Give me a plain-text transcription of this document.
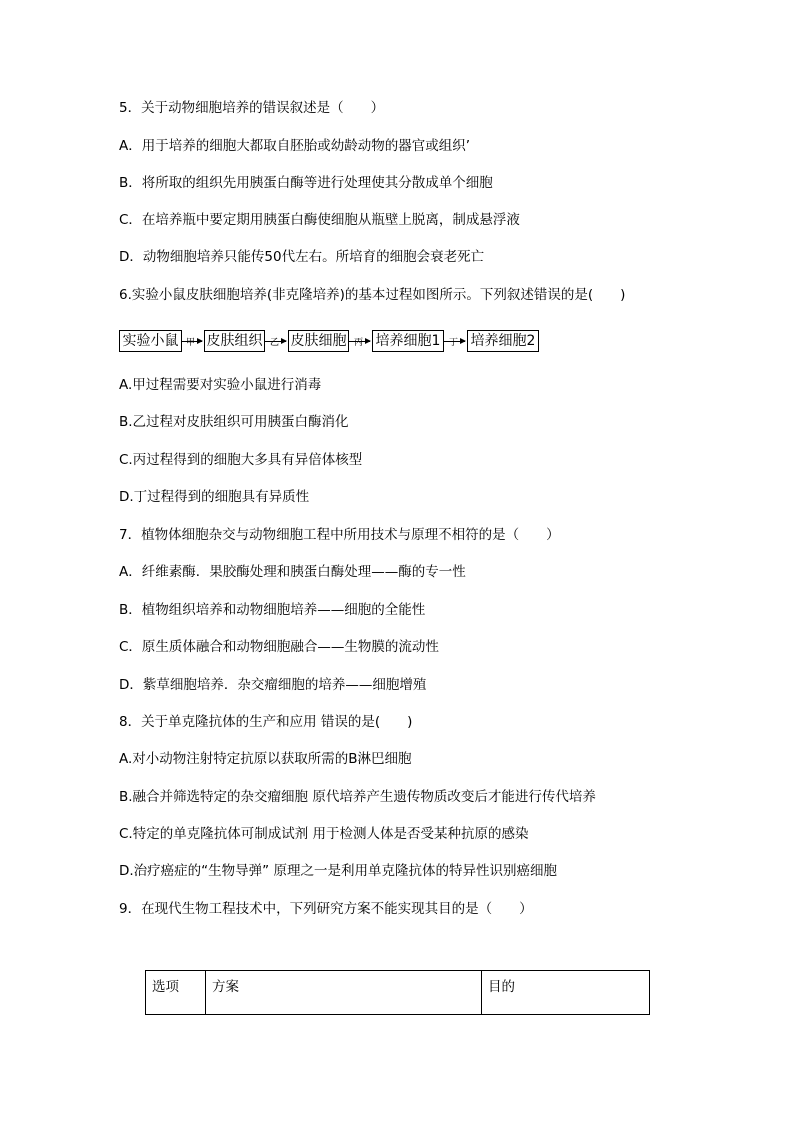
5．关于动物细胞培养的错误叙述是（　　）
A．用于培养的细胞大都取自胚胎或幼龄动物的器官或组织’
B．将所取的组织先用胰蛋白酶等进行处理使其分散成单个细胞
C．在培养瓶中要定期用胰蛋白酶使细胞从瓶壁上脱离，制成悬浮液
D．动物细胞培养只能传50代左右。所培育的细胞会衰老死亡
6.实验小鼠皮肤细胞培养(非克隆培养)的基本过程如图所示。下列叙述错误的是(　　)
实验小鼠 甲 皮肤组织 乙 皮肤细胞 丙 培养细胞1 丁 培养细胞2
A.甲过程需要对实验小鼠进行消毒
B.乙过程对皮肤组织可用胰蛋白酶消化
C.丙过程得到的细胞大多具有异倍体核型
D.丁过程得到的细胞具有异质性
7．植物体细胞杂交与动物细胞工程中所用技术与原理不相符的是（　　）
A．纤维素酶．果胶酶处理和胰蛋白酶处理——酶的专一性
B．植物组织培养和动物细胞培养——细胞的全能性
C．原生质体融合和动物细胞融合——生物膜的流动性
D．紫草细胞培养．杂交瘤细胞的培养——细胞增殖
8．关于单克隆抗体的生产和应用 错误的是(　　)
A.对小动物注射特定抗原以获取所需的B淋巴细胞
B.融合并筛选特定的杂交瘤细胞 原代培养产生遗传物质改变后才能进行传代培养
C.特定的单克隆抗体可制成试剂 用于检测人体是否受某种抗原的感染
D.治疗癌症的“生物导弹” 原理之一是利用单克隆抗体的特异性识别癌细胞
9．在现代生物工程技术中，下列研究方案不能实现其目的是（　　）
选项	方案	目的
